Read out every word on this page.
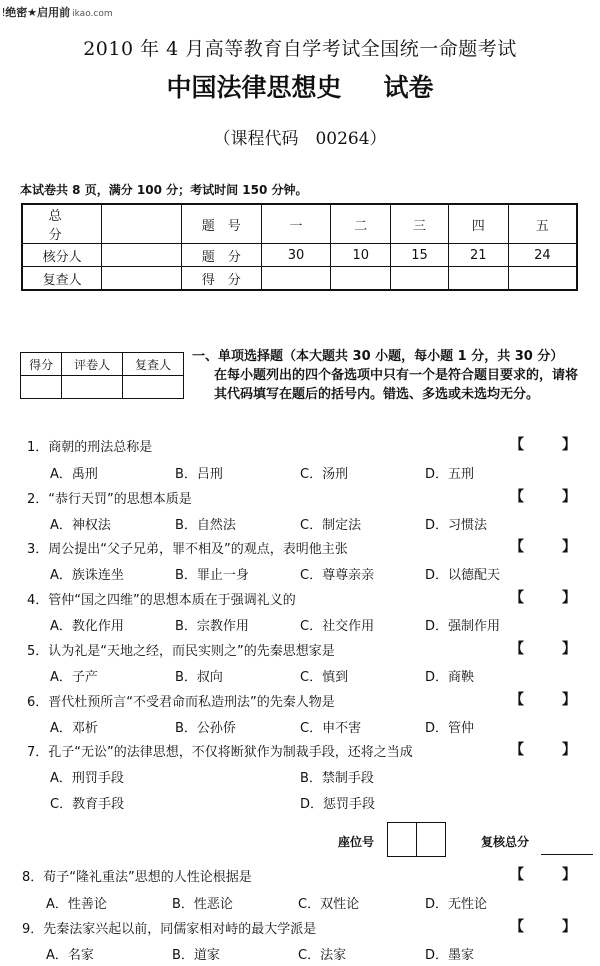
ǃ绝密★启用前 ikao.com
2010 年 4 月高等教育自学考试全国统一命题考试
中国法律思想史 试卷
（课程代码　00264）
本试卷共 8 页，满分 100 分；考试时间 150 分钟。
总　分		题　号	一	二	三	四	五
核分人		题　分	30	10	15	21	24
复查人		得　分					
得分	评卷人	复查人

一、单项选择题（本大题共 30 小题，每小题 1 分，共 30 分）
在每小题列出的四个备选项中只有一个是符合题目要求的，请将其代码填写在题后的括号内。错选、多选或未选均无分。
1．商朝的刑法总称是	【	】
A．禹刑	B．吕刑	C．汤刑	D．五刑
2．“恭行天罚”的思想本质是	【	】
A．神权法	B．自然法	C．制定法	D．习惯法
3．周公提出“父子兄弟，罪不相及”的观点，表明他主张	【	】
A．族诛连坐	B．罪止一身	C．尊尊亲亲	D．以德配天
4．管仲“国之四维”的思想本质在于强调礼义的	【	】
A．教化作用	B．宗教作用	C．社交作用	D．强制作用
5．认为礼是“天地之经，而民实则之”的先秦思想家是	【	】
A．子产	B．叔向	C．慎到	D．商鞅
6．晋代杜预所言“不受君命而私造刑法”的先秦人物是	【	】
A．邓析	B．公孙侨	C．申不害	D．管仲
7．孔子“无讼”的法律思想，不仅将断狱作为制裁手段，还将之当成	【	】
A．刑罚手段	B．禁制手段
C．教育手段	D．惩罚手段
座位号	复核总分
8．荀子“隆礼重法”思想的人性论根据是	【	】
A．性善论	B．性恶论	C．双性论	D．无性论
9．先秦法家兴起以前，同儒家相对峙的最大学派是	【	】
A．名家	B．道家	C．法家	D．墨家
